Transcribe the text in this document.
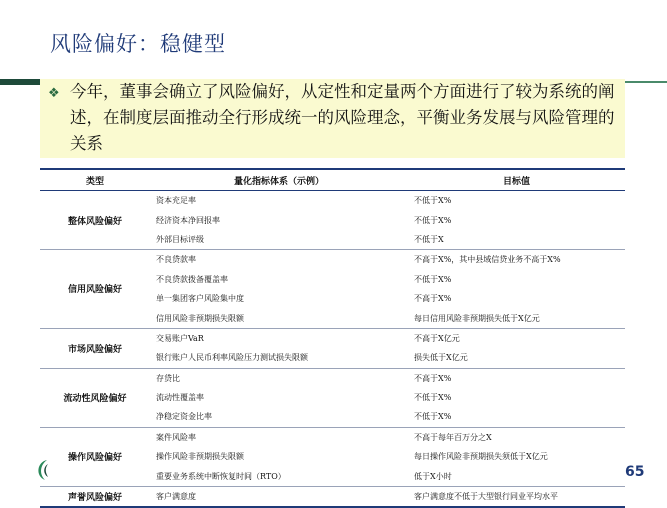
风险偏好：稳健型
❖ 今年，董事会确立了风险偏好，从定性和定量两个方面进行了较为系统的阐述，在制度层面推动全行形成统一的风险理念，平衡业务发展与风险管理的关系
类型	量化指标体系（示例）	目标值
整体风险偏好	资本充足率	不低于X%
	经济资本净回报率	不低于X%
	外部目标评级	不低于X
信用风险偏好	不良贷款率	不高于X%，其中县域信贷业务不高于X%
	不良贷款拨备覆盖率	不低于X%
	单一集团客户风险集中度	不高于X%
	信用风险非预期损失限额	每日信用风险非预期损失低于X亿元
市场风险偏好	交易账户VaR	不高于X亿元
	银行账户人民币利率风险压力测试损失限额	损失低于X亿元
流动性风险偏好	存贷比	不高于X%
	流动性覆盖率	不低于X%
	净稳定资金比率	不低于X%
操作风险偏好	案件风险率	不高于每年百万分之X
	操作风险非预期损失限额	每日操作风险非预期损失须低于X亿元
	重要业务系统中断恢复时间（RTO）	低于X小时
声誉风险偏好	客户满意度	客户满意度不低于大型银行同业平均水平
65
